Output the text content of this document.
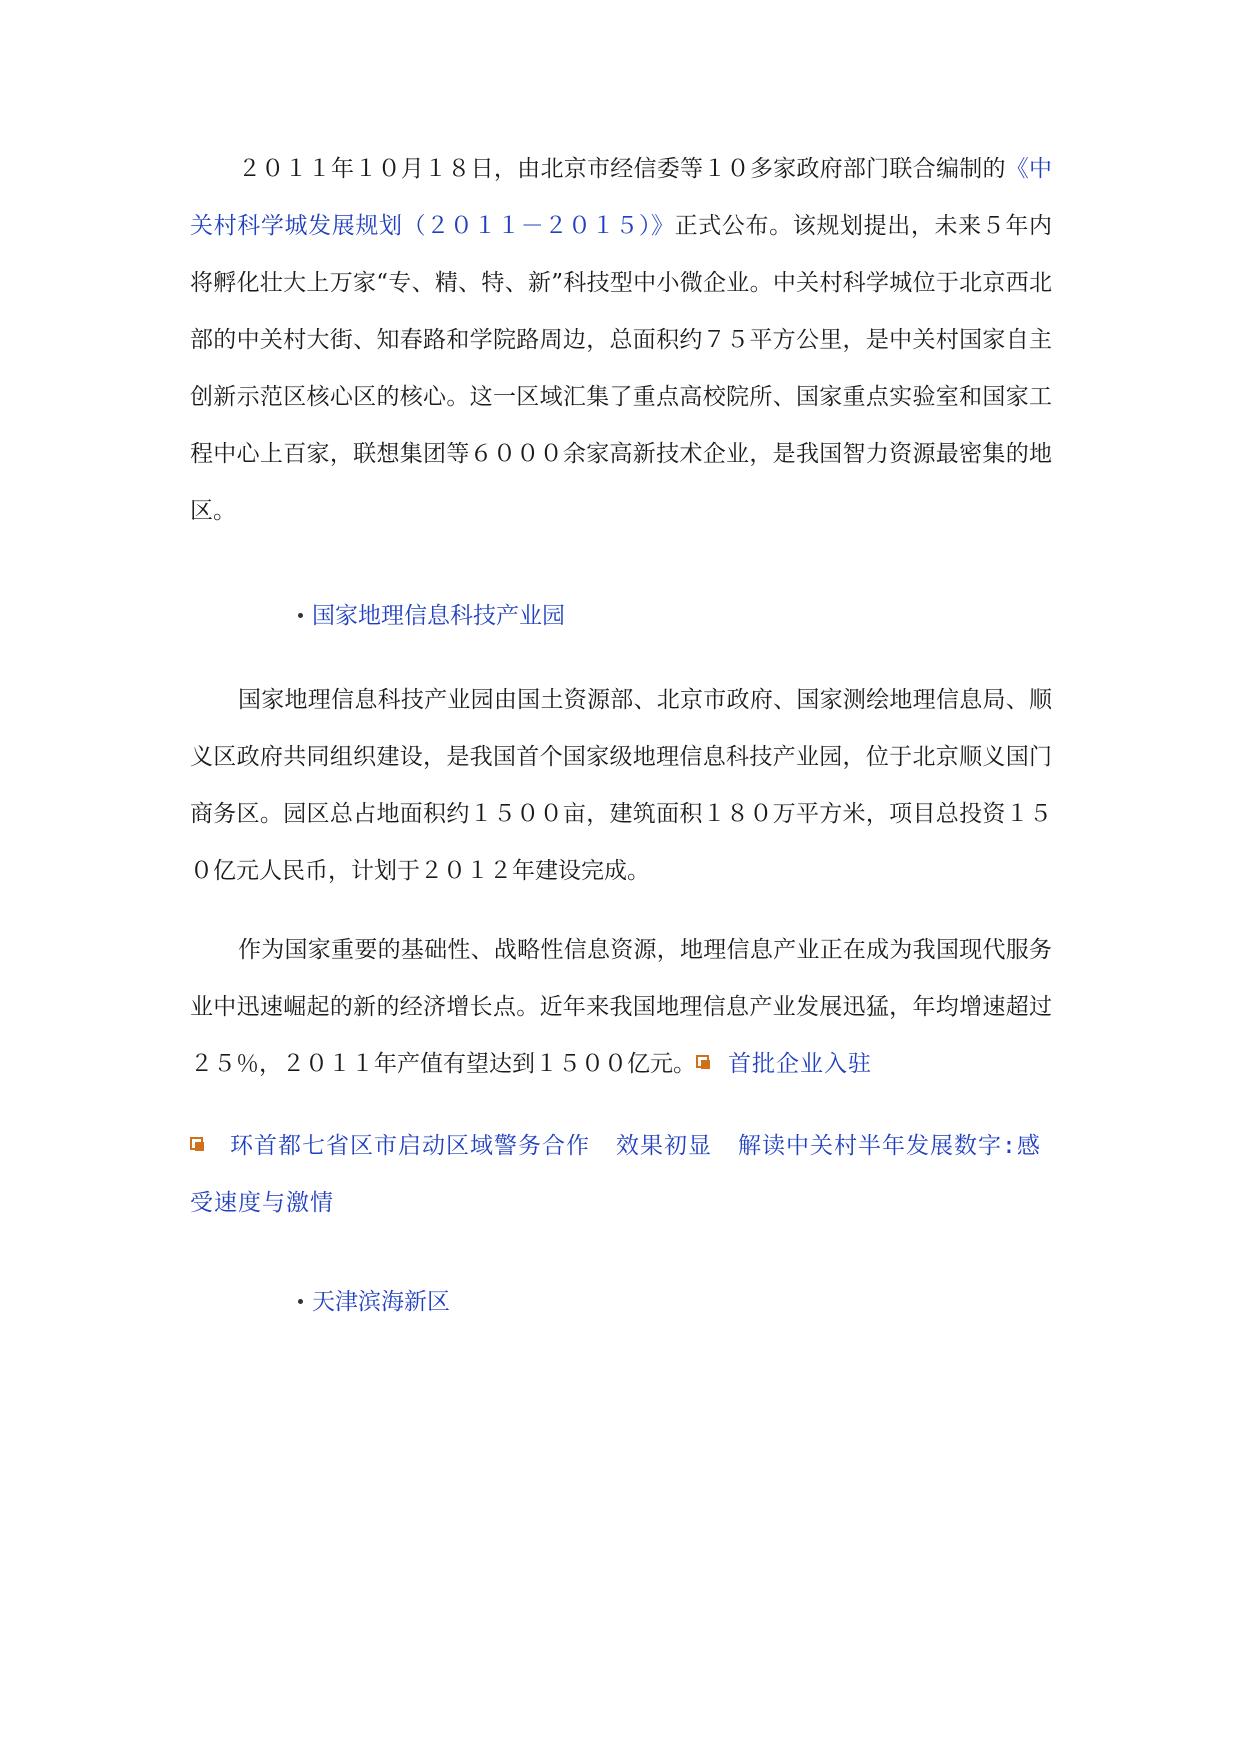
２０１１年１０月１８日，由北京市经信委等１０多家政府部门联合编制的《中关村科学城发展规划（２０１１－２０１５）》正式公布。该规划提出，未来５年内将孵化壮大上万家“专、精、特、新”科技型中小微企业。中关村科学城位于北京西北部的中关村大街、知春路和学院路周边，总面积约７５平方公里，是中关村国家自主创新示范区核心区的核心。这一区域汇集了重点高校院所、国家重点实验室和国家工程中心上百家，联想集团等６０００余家高新技术企业，是我国智力资源最密集的地区。

国家地理信息科技产业园

国家地理信息科技产业园由国土资源部、北京市政府、国家测绘地理信息局、顺义区政府共同组织建设，是我国首个国家级地理信息科技产业园，位于北京顺义国门商务区。园区总占地面积约１５００亩，建筑面积１８０万平方米，项目总投资１５０亿元人民币，计划于２０１２年建设完成。

作为国家重要的基础性、战略性信息资源，地理信息产业正在成为我国现代服务业中迅速崛起的新的经济增长点。近年来我国地理信息产业发展迅猛，年均增速超过２５％，２０１１年产值有望达到１５００亿元。 首批企业入驻

环首都七省区市启动区域警务合作 效果初显 解读中关村半年发展数字:感受速度与激情

天津滨海新区
